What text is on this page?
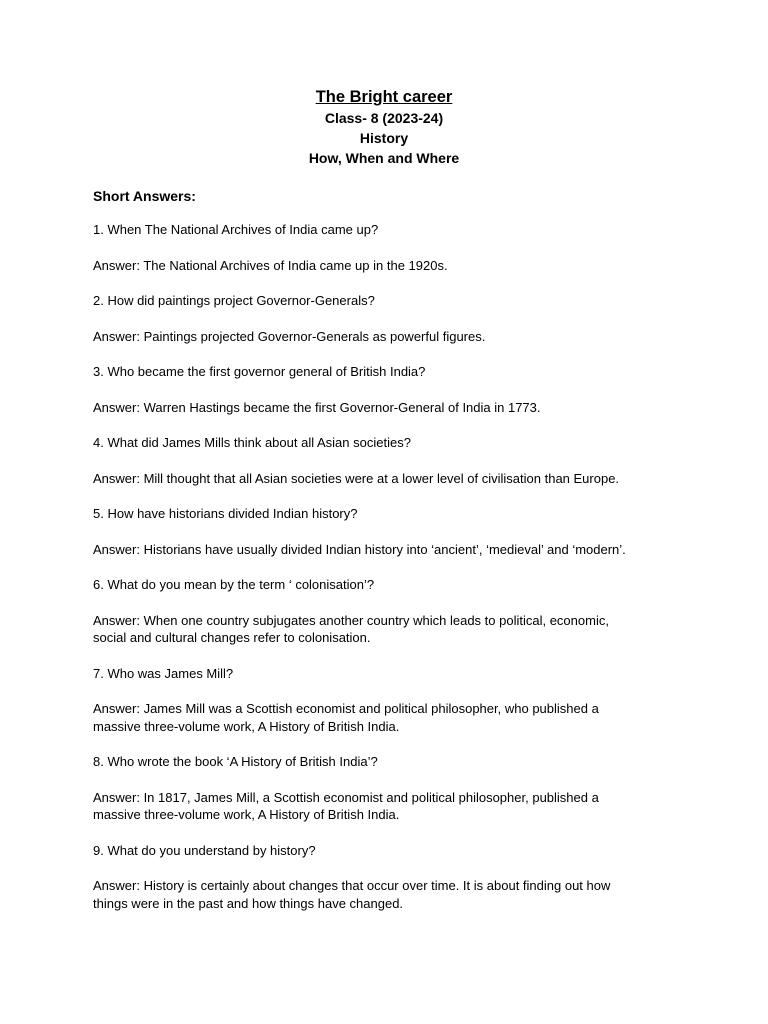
The Bright career

Class- 8 (2023-24)

History

How, When and Where

Short Answers:

1. When The National Archives of India came up?

Answer: The National Archives of India came up in the 1920s.

2. How did paintings project Governor-Generals?

Answer: Paintings projected Governor-Generals as powerful figures.

3. Who became the first governor general of British India?

Answer: Warren Hastings became the first Governor-General of India in 1773.

4. What did James Mills think about all Asian societies?

Answer: Mill thought that all Asian societies were at a lower level of civilisation than Europe.

5. How have historians divided Indian history?

Answer: Historians have usually divided Indian history into ‘ancient’, ‘medieval’ and ‘modern’.

6. What do you mean by the term ‘ colonisation’?

Answer: When one country subjugates another country which leads to political, economic,
social and cultural changes refer to colonisation.

7. Who was James Mill?

Answer: James Mill was a Scottish economist and political philosopher, who published a
massive three-volume work, A History of British India.

8. Who wrote the book ‘A History of British India’?

Answer: In 1817, James Mill, a Scottish economist and political philosopher, published a
massive three-volume work, A History of British India.

9. What do you understand by history?

Answer: History is certainly about changes that occur over time. It is about finding out how
things were in the past and how things have changed.
